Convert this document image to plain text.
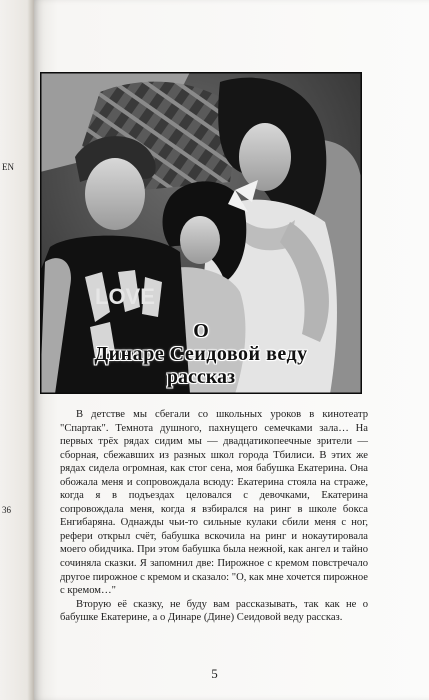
EN
36
LOVE
О
Динаре Сеидовой веду
рассказ

В детстве мы сбегали со школьных уроков в кинотеатр "Спартак". Темнота душного, пахнущего семечками зала… На первых трёх рядах сидим мы — двадцатикопеечные зрители — сборная, сбежавших из разных школ города Тбилиси. В этих же рядах сидела огромная, как стог сена, моя бабушка Екатерина. Она обожала меня и сопровождала всюду: Екатерина стояла на страже, когда я в подъездах целовался с девочками, Екатерина сопровождала меня, когда я взбирался на ринг в школе бокса Енгибаряна. Однажды чьи-то сильные кулаки сбили меня с ног, рефери открыл счёт, бабушка вскочила на ринг и нокаутировала моего обидчика. При этом бабушка была нежной, как ангел и тайно сочиняла сказки. Я запомнил две: Пирожное с кремом повстречало другое пирожное с кремом и сказало: "О, как мне хочется пирожное с кремом…"

Вторую её сказку, не буду вам рассказывать, так как не о бабушке Екатерине, а о Динаре (Дине) Сеидовой веду рассказ.

5
